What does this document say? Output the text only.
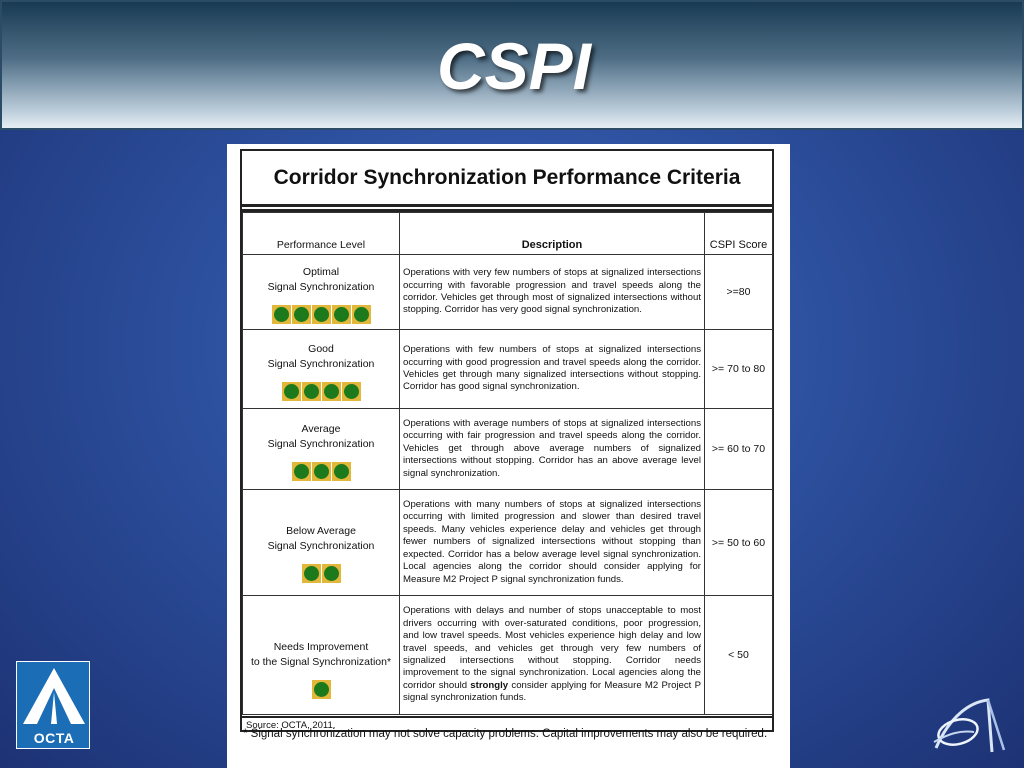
CSPI
Corridor Synchronization Performance Criteria
Performance Level	Description	CSPI Score

Optimal
Signal Synchronization	Operations with very few numbers of stops at signalized intersections occurring with favorable progression and travel speeds along the corridor. Vehicles get through most of signalized intersections without stopping. Corridor has very good signal synchronization.	>=80

Good
Signal Synchronization	Operations with few numbers of stops at signalized intersections occurring with good progression and travel speeds along the corridor. Vehicles get through many signalized intersections without stopping. Corridor has good signal synchronization.	>= 70 to 80

Average
Signal Synchronization	Operations with average numbers of stops at signalized intersections occurring with fair progression and travel speeds along the corridor. Vehicles get through above average numbers of signalized intersections without stopping. Corridor has an above average level signal synchronization.	>= 60 to 70

Below Average
Signal Synchronization	Operations with many numbers of stops at signalized intersections occurring with limited progression and slower than desired travel speeds. Many vehicles experience delay and vehicles get through fewer numbers of signalized intersections without stopping than expected. Corridor has a below average level signal synchronization. Local agencies along the corridor should consider applying for Measure M2 Project P signal synchronization funds.	>= 50 to 60

Needs Improvement
to the Signal Synchronization*	Operations with delays and number of stops unacceptable to most drivers occurring with over-saturated conditions, poor progression, and low travel speeds. Most vehicles experience high delay and low travel speeds, and vehicles get through very few numbers of signalized intersections without stopping. Corridor needs improvement to the signal synchronization. Local agencies along the corridor should strongly consider applying for Measure M2 Project P signal synchronization funds.	< 50
Source: OCTA, 2011.
* Signal synchronization may not solve capacity problems. Capital improvements may also be required.
OCTA
